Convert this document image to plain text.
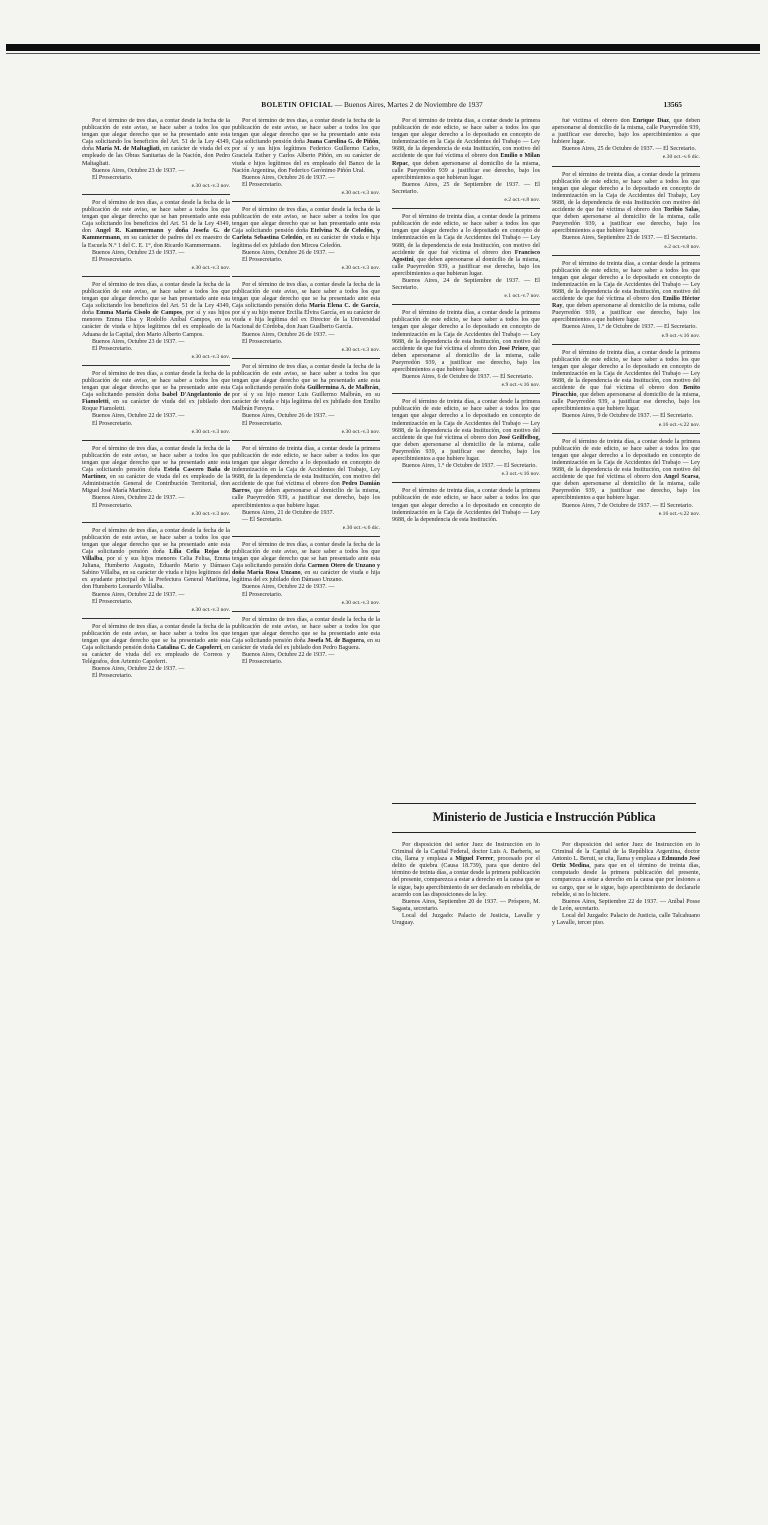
BOLETIN OFICIAL — Buenos Aires, Martes 2 de Noviembre de 1937	13565

Por el término de tres días, a contar desde la fecha de la publicación de este aviso, se hace saber a todos los que tengan que alegar derecho que se ha presentado ante esta Caja solicitando los beneficios del Art. 51 de la Ley 4349, doña María M. de Maltagliati, en carácter de viuda del ex empleado de las Obras Sanitarias de la Nación, don Pedro Maltagliati.

Buenos Aires, Octubre 23 de 1937. —

El Prosecretario.

e.30 oct.-v.3 nov.

Por el término de tres días, a contar desde la fecha de la publicación de este aviso, se hace saber a todos los que tengan que alegar derecho que se han presentado ante esta Caja solicitando los beneficios del Art. 51 de la Ley 4349, don Angel R. Kammermann y doña Josefa G. de Kammermann, en su carácter de padres del ex maestro de la Escuela N.° 1 del C. E. 1°, don Ricardo Kammermann.

Buenos Aires, Octubre 23 de 1937. —

El Prosecretario.

e.30 oct.-v.3 nov.

Por el término de tres días, a contar desde la fecha de la publicación de este aviso, se hace saber a todos los que tengan que alegar derecho que se han presentado ante esta Caja solicitando los beneficios del Art. 51 de la Ley 4349, doña Emma María Cisolo de Campos, por sí y sus hijos menores Emma Elsa y Rodolfo Aníbal Campos, en su carácter de viuda e hijos legítimos del ex empleado de la Aduana de la Capital, don Mario Alberto Campos.

Buenos Aires, Octubre 23 de 1937. —

El Prosecretario.

e.30 oct.-v.3 nov.

Por el término de tres días, a contar desde la fecha de la publicación de este aviso, se hace saber a todos los que tengan que alegar derecho que se ha presentado ante esta Caja solicitando pensión doña Isabel D'Angelantonio de Fiamoletti, en su carácter de viuda del ex jubilado don Roque Fiamoletti.

Buenos Aires, Octubre 22 de 1937. —

El Prosecretario.

e.30 oct.-v.3 nov.

Por el término de tres días, a contar desde la fecha de la publicación de este aviso, se hace saber a todos los que tengan que alegar derecho que se ha presentado ante esta Caja solicitando pensión doña Estela Cascero Baña de Martínez, en su carácter de viuda del ex empleado de la Administración General de Contribución Territorial, don Miguel José María Martínez.

Buenos Aires, Octubre 22 de 1937. —

El Prosecretario.

e.30 oct.-v.3 nov.

Por el término de tres días, a contar desde la fecha de la publicación de este aviso, se hace saber a todos los que tengan que alegar derecho que se ha presentado ante esta Caja solicitando pensión doña Lilia Celia Rojas de Villalba, por sí y sus hijos menores Celia Felisa, Emma Juliana, Humberto Augusto, Eduardo Mario y Dámaso Sabino Villalba, en su carácter de viuda e hijos legítimos del ex ayudante principal de la Prefectura General Marítima, don Humberto Leonardo Villalba.

Buenos Aires, Octubre 22 de 1937. —

El Prosecretario.

e.30 oct.-v.3 nov.

Por el término de tres días, a contar desde la fecha de la publicación de este aviso, se hace saber a todos los que tengan que alegar derecho que se ha presentado ante esta Caja solicitando pensión doña Catalina C. de Capoferri, en su carácter de viuda del ex empleado de Correos y Telégrafos, don Artemio Capoferri.

Buenos Aires, Octubre 22 de 1937. —

El Prosecretario.

Por el término de tres días, a contar desde la fecha de la publicación de este aviso, se hace saber a todos los que tengan que alegar derecho que se ha presentado ante esta Caja solicitando pensión doña Juana Carolina G. de Piñón, por sí y sus hijos legítimos Federico Guillermo Carlos, Graciela Esther y Carlos Alberto Piñón, en su carácter de viuda e hijos legítimos del ex empleado del Banco de la Nación Argentina, don Federico Gerónimo Piñón Ural.

Buenos Aires, Octubre 26 de 1937. —

El Prosecretario.

e.30 oct.-v.3 nov.

Por el término de tres días, a contar desde la fecha de la publicación de este aviso, se hace saber a todos los que tengan que alegar derecho que se han presentado ante esta Caja solicitando pensión doña Etelvina N. de Celedón, y Carlota Sebastina Celedón, en su carácter de viuda e hija legítima del ex jubilado don Mircea Celedón.

Buenos Aires, Octubre 26 de 1937. —

El Prosecretario.

e.30 oct.-v.3 nov.

Por el término de tres días, a contar desde la fecha de la publicación de este aviso, se hace saber a todos los que tengan que alegar derecho que se ha presentado ante esta Caja solicitando pensión doña María Elena C. de García, por sí y su hijo menor Ercilia Elvira García, en su carácter de viuda e hija legítima del ex Director de la Universidad Nacional de Córdoba, don Juan Gualberto García.

Buenos Aires, Octubre 26 de 1937. —

El Prosecretario.

e.30 oct.-v.3 nov.

Por el término de tres días, a contar desde la fecha de la publicación de este aviso, se hace saber a todos los que tengan que alegar derecho que se ha presentado ante esta Caja solicitando pensión doña Guillermina A. de Malbrán, por sí y su hijo menor Luis Guillermo Malbrán, en su carácter de viuda e hija legítima del ex jubilado don Emilio Malbrán Fereyra.

Buenos Aires, Octubre 26 de 1937. —

El Prosecretario.

e.30 oct.-v.3 nov.

Por el término de treinta días, a contar desde la primera publicación de este edicto, se hace saber a todos los que tengan que alegar derecho a lo depositado en concepto de indemnización en la Caja de Accidentes del Trabajo, Ley 9688, de la dependencia de esta Institución, con motivo del accidente de que fué víctima el obrero don Pedro Damián Barros, que deben apersonarse al domicilio de la misma, calle Pueyrredón 939, a justificar ese derecho, bajo los apercibimientos a que hubiere lugar.

Buenos Aires, 21 de Octubre de 1937.

— El Secretario.

e.30 oct.-v.6 dic.

Por el término de tres días, a contar desde la fecha de la publicación de este aviso, se hace saber a todos los que tengan que alegar derecho que se han presentado ante esta Caja solicitando pensión doña Carmen Otero de Unzano y doña María Rosa Unzano, en su carácter de viuda e hija legítima del ex jubilado don Dámaso Unzano.

Buenos Aires, Octubre 22 de 1937. —

El Prosecretario.

e.30 oct.-v.3 nov.

Por el término de tres días, a contar desde la fecha de la publicación de este aviso, se hace saber a todos los que tengan que alegar derecho que se ha presentado ante esta Caja solicitando pensión doña Josefa M. de Baguera, en su carácter de viuda del ex jubilado don Pedro Baguera.

Buenos Aires, Octubre 22 de 1937. —

El Prosecretario.

Por el término de treinta días, a contar desde la primera publicación de este edicto, se hace saber a todos los que tengan que alegar derecho a lo depositado en concepto de indemnización en la Caja de Accidentes del Trabajo — Ley 9688, de la dependencia de esta Institución, con motivo del accidente de que fué víctima el obrero don Emilio o Milan Repac, que deben apersonarse al domicilio de la misma, calle Pueyrredón 939 a justificar ese derecho, bajo los apercibimientos a que hubieran lugar.

Buenos Aires, 25 de Septiembre de 1937. — El Secretario.

e.2 oct.-v.8 nov.

Por el término de treinta días, a contar desde la primera publicación de este edicto, se hace saber a todos los que tengan que alegar derecho a lo depositado en concepto de indemnización en la Caja de Accidentes del Trabajo — Ley 9688, de la dependencia de esta Institución, con motivo del accidente de que fué víctima el obrero don Francisco Agostini, que deben apersonarse al domicilio de la misma, calle Pueyrredón 939, a justificar ese derecho, bajo los apercibimientos a que hubieran lugar.

Buenos Aires, 24 de Septiembre de 1937. — El Secretario.

e.1 oct.-v.7 nov.

Por el término de treinta días, a contar desde la primera publicación de este edicto, se hace saber a todos los que tengan que alegar derecho a lo depositado en concepto de indemnización en la Caja de Accidentes del Trabajo — Ley 9688, de la dependencia de esta Institución, con motivo del accidente de que fué víctima el obrero don José Priore, que deben apersonarse al domicilio de la misma, calle Pueyrredón 939, a justificar ese derecho, bajo los apercibimientos a que hubiere lugar.

Buenos Aires, 6 de Octubre de 1937. — El Secretario.

e.9 oct.-v.16 nov.

Por el término de treinta días, a contar desde la primera publicación de este edicto, se hace saber a todos los que tengan que alegar derecho a lo depositado en concepto de indemnización en la Caja de Accidentes del Trabajo — Ley 9688, de la dependencia de esta Institución, con motivo del accidente de que fué víctima el obrero don José Geilfelbog, que deben apersonarse al domicilio de la misma, calle Pueyrredón 939, a justificar ese derecho, bajo los apercibimientos a que hubiere lugar.

Buenos Aires, 1.° de Octubre de 1937. — El Secretario.

e.3 oct.-v.16 nov.

Por el término de treinta días, a contar desde la primera publicación de este edicto, se hace saber a todos los que tengan que alegar derecho a lo depositado en concepto de indemnización en la Caja de Accidentes del Trabajo — Ley 9688, de la dependencia de esta Institución.

fué víctima el obrero don Enrique Díaz, que deben apersonarse al domicilio de la misma, calle Pueyrredón 939, a justificar ese derecho, bajo los apercibimientos a que hubiere lugar.

Buenos Aires, 25 de Octubre de 1937. — El Secretario.

e.30 oct.-v.6 dic.

Por el término de treinta días, a contar desde la primera publicación de este edicto, se hace saber a todos los que tengan que alegar derecho a lo depositado en concepto de indemnización en la Caja de Accidentes del Trabajo, Ley 9688, de la dependencia de esta Institución con motivo del accidente de que fué víctima el obrero don Toribio Salas, que deben apersonarse al domicilio de la misma, calle Pueyrredón 939, a justificar ese derecho, bajo los apercibimientos a que hubiere lugar.

Buenos Aires, Septiembre 23 de 1937. — El Secretario.

e.2 oct.-v.8 nov.

Por el término de treinta días, a contar desde la primera publicación de este edicto, se hace saber a todos los que tengan que alegar derecho a lo depositado en concepto de indemnización en la Caja de Accidentes del Trabajo — Ley 9688, de la dependencia de esta Institución, con motivo del accidente de que fué víctima el obrero don Emilio Héctor Ray, que deben apersonarse al domicilio de la misma, calle Pueyrredón 939, a justificar ese derecho, bajo los apercibimientos a que hubiere lugar.

Buenos Aires, 1.° de Octubre de 1937. — El Secretario.

e.9 oct.-v.16 nov.

Por el término de treinta días, a contar desde la primera publicación de este edicto, se hace saber a todos los que tengan que alegar derecho a lo depositado en concepto de indemnización en la Caja de Accidentes del Trabajo — Ley 9688, de la dependencia de esta Institución, con motivo del accidente de que fué víctima el obrero don Benito Piracchio, que deben apersonarse al domicilio de la misma, calle Pueyrredón 939, a justificar ese derecho, bajo los apercibimientos a que hubiere lugar.

Buenos Aires, 9 de Octubre de 1937. — El Secretario.

e.16 oct.-v.22 nov.

Por el término de treinta días, a contar desde la primera publicación de este edicto, se hace saber a todos los que tengan que alegar derecho a lo depositado en concepto de indemnización en la Caja de Accidentes del Trabajo — Ley 9688, de la dependencia de esta Institución, con motivo del accidente de que fué víctima el obrero don Angel Scarsa, que deben apersonarse al domicilio de la misma, calle Pueyrredón 939, a justificar ese derecho, bajo los apercibimientos a que hubiere lugar.

Buenos Aires, 7 de Octubre de 1937. — El Secretario.

e.16 oct.-v.22 nov.

Ministerio de Justicia e Instrucción Pública

Por disposición del señor Juez de Instrucción en lo Criminal de la Capital Federal, doctor Luis A. Barberis, se cita, llama y emplaza a Miguel Ferrer, procesado por el delito de quiebra (Causa 18.739), para que dentro del término de treinta días, a contar desde la primera publicación del presente, comparezca a estar a derecho en la causa que se le sigue, bajo apercibimiento de ser declarado en rebeldía, de acuerdo con las disposiciones de la ley.

Buenos Aires, Septiembre 20 de 1937. — Próspero, M. Sagasta, secretario.

Local del Juzgado: Palacio de Justicia, Lavalle y Uruguay.

Por disposición del señor Juez de Instrucción en lo Criminal de la Capital de la República Argentina, doctor Antonio L. Beruti, se cita, llama y emplaza a Edmundo José Ortiz Medina, para que en el término de treinta días, computado desde la primera publicación del presente, comparezca a estar a derecho en la causa que por lesiones a su cargo, que se le sigue, bajo apercibimiento de declararle rebelde, si no lo hiciere.

Buenos Aires, Septiembre 22 de 1937. — Aníbal Posse de León, secretario.

Local del Juzgado: Palacio de Justicia, calle Talcahuano y Lavalle, tercer piso.
